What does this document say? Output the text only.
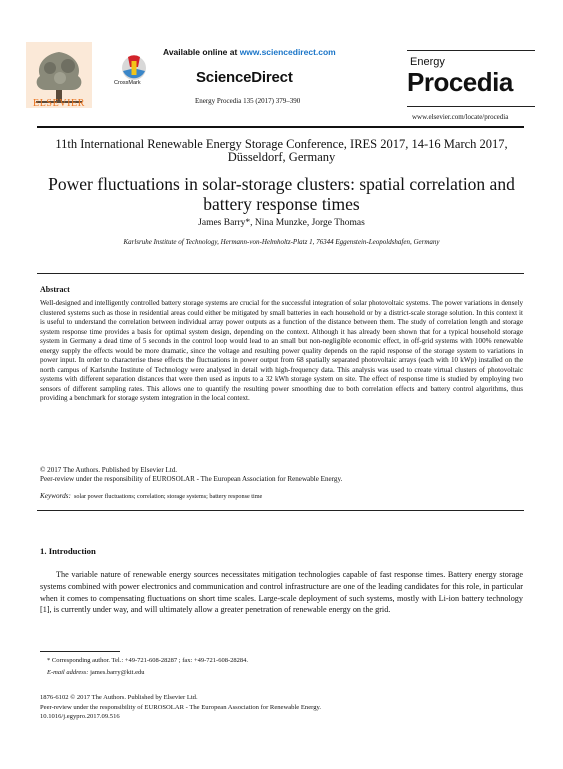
ELSEVIER
Available online at www.sciencedirect.com
CrossMark	ScienceDirect
Energy Procedia 135 (2017) 379–390
Energy
Procedia
www.elsevier.com/locate/procedia
11th International Renewable Energy Storage Conference, IRES 2017, 14-16 March 2017, Düsseldorf, Germany
Power fluctuations in solar-storage clusters: spatial correlation and battery response times
James Barry*, Nina Munzke, Jorge Thomas
Karlsruhe Institute of Technology, Hermann-von-Helmholtz-Platz 1, 76344 Eggenstein-Leopoldshafen, Germany
Abstract
Well-designed and intelligently controlled battery storage systems are crucial for the successful integration of solar photovoltaic systems. The power variations in densely clustered systems such as those in residential areas could either be mitigated by small batteries in each household or by a district-scale storage solution. In this context it is useful to understand the correlation between individual array power outputs as a function of the distance between them. The study of correlation length and storage system response time provides a basis for optimal system design, depending on the context. Although it has already been shown that for a typical household storage system in Germany a dead time of 5 seconds in the control loop would lead to an small but non-negligible economic effect, in off-grid systems with 100% renewable energy supply the effects would be more dramatic, since the voltage and resulting power quality depends on the rapid response of the storage system to variations in power input. In order to characterise these effects the fluctuations in power output from 68 spatially separated photovoltaic arrays (each with 10 kWp) installed on the north campus of Karlsruhe Institute of Technology were analysed in detail with high-frequency data. This analysis was used to create virtual clusters of photovoltaic systems with different separation distances that were then used as inputs to a 32 kWh storage system on site. The effect of response time is studied by employing two sensors of different sampling rates. This allows one to quantify the resulting power smoothing due to both correlation effects and battery control algorithms, thus providing a benchmark for storage system integration in the local context.
© 2017 The Authors. Published by Elsevier Ltd.
Peer-review under the responsibility of EUROSOLAR - The European Association for Renewable Energy.
Keywords: solar power fluctuations; correlation; storage systems; battery response time
1. Introduction
The variable nature of renewable energy sources necessitates mitigation technologies capable of fast response times. Battery energy storage systems combined with power electronics and communication and control infrastructure are one of the leading candidates for this role, in particular when it comes to compensating fluctuations on short time scales. Large-scale deployment of such systems, mostly with Li-ion battery technology [1], is currently under way, and will ultimately allow a greater penetration of renewable energy on the grid.
* Corresponding author. Tel.: +49-721-608-28287 ; fax: +49-721-608-28284.
E-mail address: james.barry@kit.edu
1876-6102 © 2017 The Authors. Published by Elsevier Ltd.
Peer-review under the responsibility of EUROSOLAR - The European Association for Renewable Energy.
10.1016/j.egypro.2017.09.516
